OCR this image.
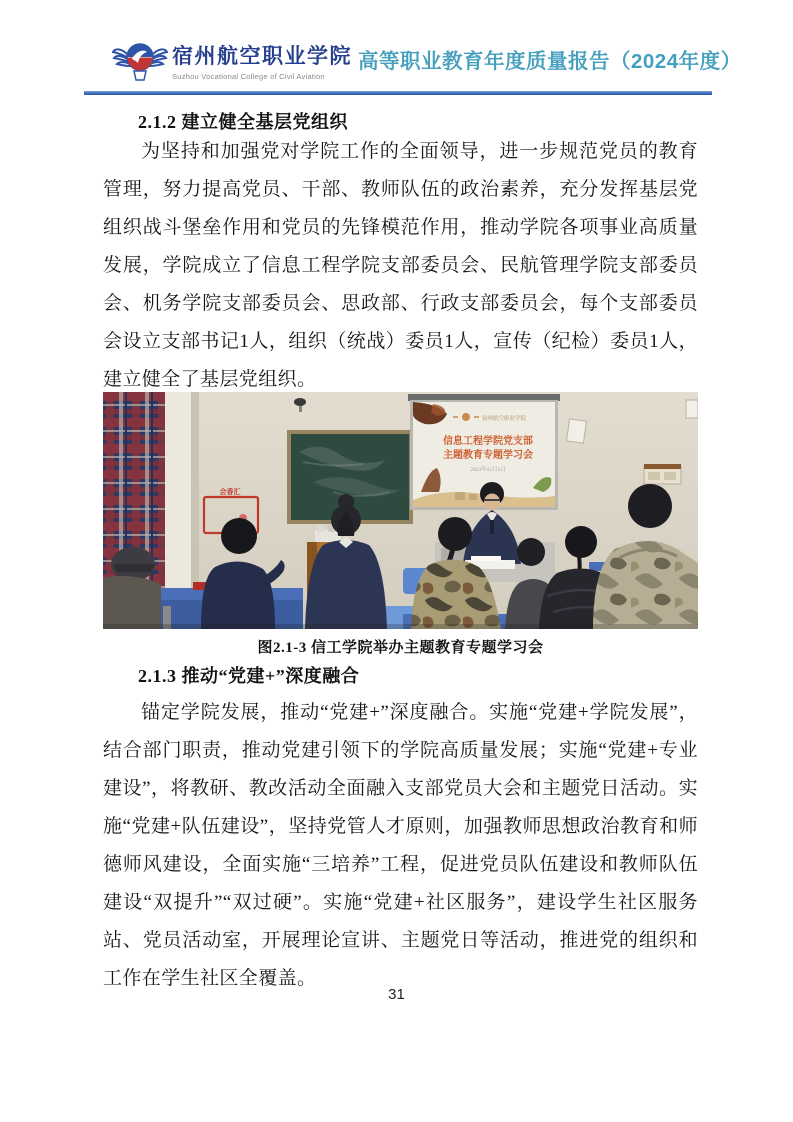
宿州航空职业学院
Suzhou Vocational College of Civil Aviation
高等职业教育年度质量报告（2024年度）
2.1.2 建立健全基层党组织
为坚持和加强党对学院工作的全面领导，进一步规范党员的教育管理，努力提高党员、干部、教师队伍的政治素养，充分发挥基层党组织战斗堡垒作用和党员的先锋模范作用，推动学院各项事业高质量发展，学院成立了信息工程学院支部委员会、民航管理学院支部委员会、机务学院支部委员会、思政部、行政支部委员会，每个支部委员会设立支部书记1人，组织（统战）委员1人，宣传（纪检）委员1人，建立健全了基层党组织。
会香汇
宿州航空职业学院
信息工程学院党支部
主题教育专题学习会
2023年12月1日
图2.1-3 信工学院举办主题教育专题学习会
2.1.3 推动“党建+”深度融合
锚定学院发展，推动“党建+”深度融合。实施“党建+学院发展”，结合部门职责，推动党建引领下的学院高质量发展；实施“党建+专业建设”，将教研、教改活动全面融入支部党员大会和主题党日活动。实施“党建+队伍建设”，坚持党管人才原则，加强教师思想政治教育和师德师风建设，全面实施“三培养”工程，促进党员队伍建设和教师队伍建设“双提升”“双过硬”。实施“党建+社区服务”，建设学生社区服务站、党员活动室，开展理论宣讲、主题党日等活动，推进党的组织和工作在学生社区全覆盖。
31
